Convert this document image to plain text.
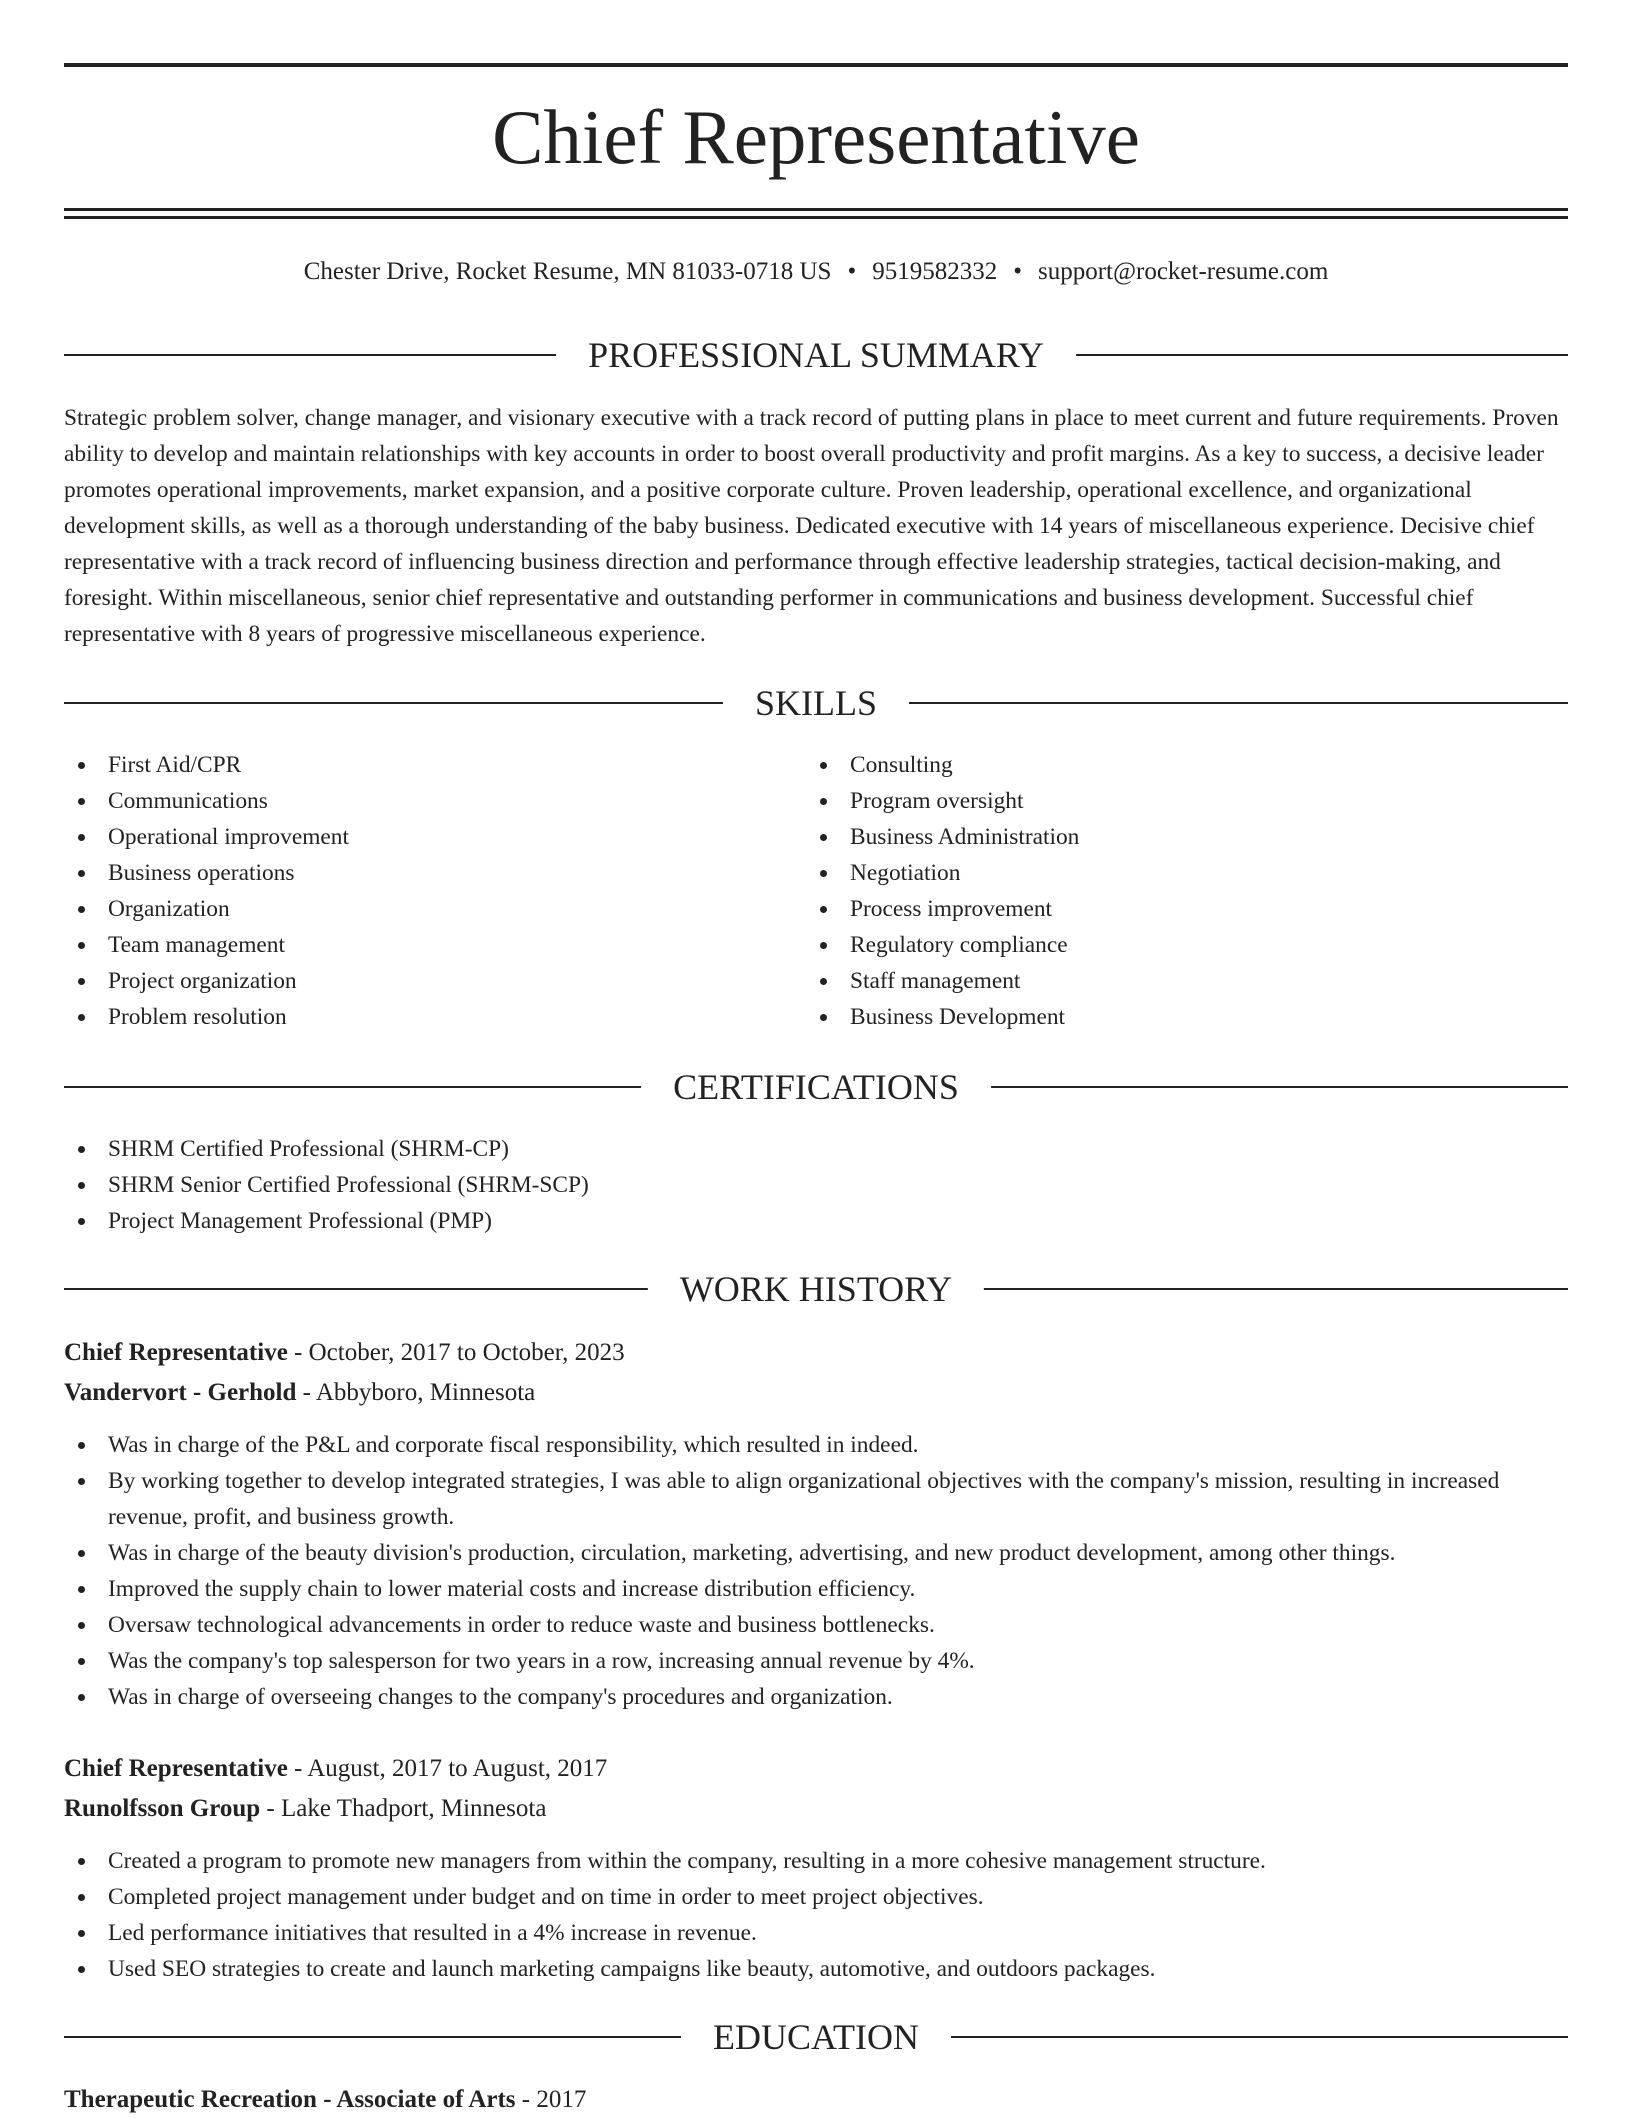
Chief Representative
Chester Drive, Rocket Resume, MN 81033-0718 US • 9519582332 • support@rocket-resume.com
PROFESSIONAL SUMMARY

Strategic problem solver, change manager, and visionary executive with a track record of putting plans in place to meet current and future requirements. Proven ability to develop and maintain relationships with key accounts in order to boost overall productivity and profit margins. As a key to success, a decisive leader promotes operational improvements, market expansion, and a positive corporate culture. Proven leadership, operational excellence, and organizational development skills, as well as a thorough understanding of the baby business. Dedicated executive with 14 years of miscellaneous experience. Decisive chief representative with a track record of influencing business direction and performance through effective leadership strategies, tactical decision-making, and foresight. Within miscellaneous, senior chief representative and outstanding performer in communications and business development. Successful chief representative with 8 years of progressive miscellaneous experience.

SKILLS
First Aid/CPR
Communications
Operational improvement
Business operations
Organization
Team management
Project organization
Problem resolution
Consulting
Program oversight
Business Administration
Negotiation
Process improvement
Regulatory compliance
Staff management
Business Development
CERTIFICATIONS
SHRM Certified Professional (SHRM-CP)
SHRM Senior Certified Professional (SHRM-SCP)
Project Management Professional (PMP)
WORK HISTORY
Chief Representative - October, 2017 to October, 2023
Vandervort - Gerhold - Abbyboro, Minnesota
Was in charge of the P&L and corporate fiscal responsibility, which resulted in indeed.
By working together to develop integrated strategies, I was able to align organizational objectives with the company's mission, resulting in increased revenue, profit, and business growth.
Was in charge of the beauty division's production, circulation, marketing, advertising, and new product development, among other things.
Improved the supply chain to lower material costs and increase distribution efficiency.
Oversaw technological advancements in order to reduce waste and business bottlenecks.
Was the company's top salesperson for two years in a row, increasing annual revenue by 4%.
Was in charge of overseeing changes to the company's procedures and organization.
Chief Representative - August, 2017 to August, 2017
Runolfsson Group - Lake Thadport, Minnesota
Created a program to promote new managers from within the company, resulting in a more cohesive management structure.
Completed project management under budget and on time in order to meet project objectives.
Led performance initiatives that resulted in a 4% increase in revenue.
Used SEO strategies to create and launch marketing campaigns like beauty, automotive, and outdoors packages.
EDUCATION
Therapeutic Recreation - Associate of Arts - 2017
